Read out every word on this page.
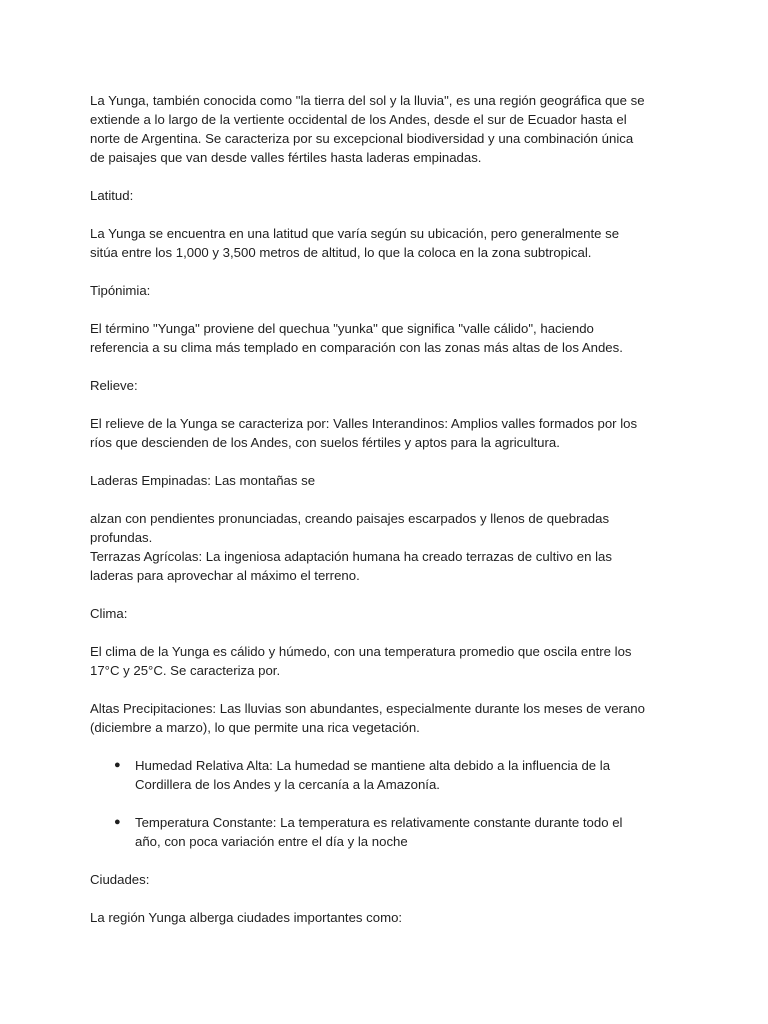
La Yunga, también conocida como "la tierra del sol y la lluvia", es una región geográfica que se
extiende a lo largo de la vertiente occidental de los Andes, desde el sur de Ecuador hasta el
norte de Argentina. Se caracteriza por su excepcional biodiversidad y una combinación única
de paisajes que van desde valles fértiles hasta laderas empinadas.

Latitud:

La Yunga se encuentra en una latitud que varía según su ubicación, pero generalmente se
sitúa entre los 1,000 y 3,500 metros de altitud, lo que la coloca en la zona subtropical.

Tipónimia:

El término "Yunga" proviene del quechua "yunka" que significa "valle cálido", haciendo
referencia a su clima más templado en comparación con las zonas más altas de los Andes.

Relieve:

El relieve de la Yunga se caracteriza por: Valles Interandinos: Amplios valles formados por los
ríos que descienden de los Andes, con suelos fértiles y aptos para la agricultura.

Laderas Empinadas: Las montañas se

alzan con pendientes pronunciadas, creando paisajes escarpados y llenos de quebradas
profundas.

Terrazas Agrícolas: La ingeniosa adaptación humana ha creado terrazas de cultivo en las
laderas para aprovechar al máximo el terreno.

Clima:

El clima de la Yunga es cálido y húmedo, con una temperatura promedio que oscila entre los
17°C y 25°C. Se caracteriza por.

Altas Precipitaciones: Las lluvias son abundantes, especialmente durante los meses de verano
(diciembre a marzo), lo que permite una rica vegetación.

● Humedad Relativa Alta: La humedad se mantiene alta debido a la influencia de la
Cordillera de los Andes y la cercanía a la Amazonía.

● Temperatura Constante: La temperatura es relativamente constante durante todo el
año, con poca variación entre el día y la noche

Ciudades:

La región Yunga alberga ciudades importantes como:
